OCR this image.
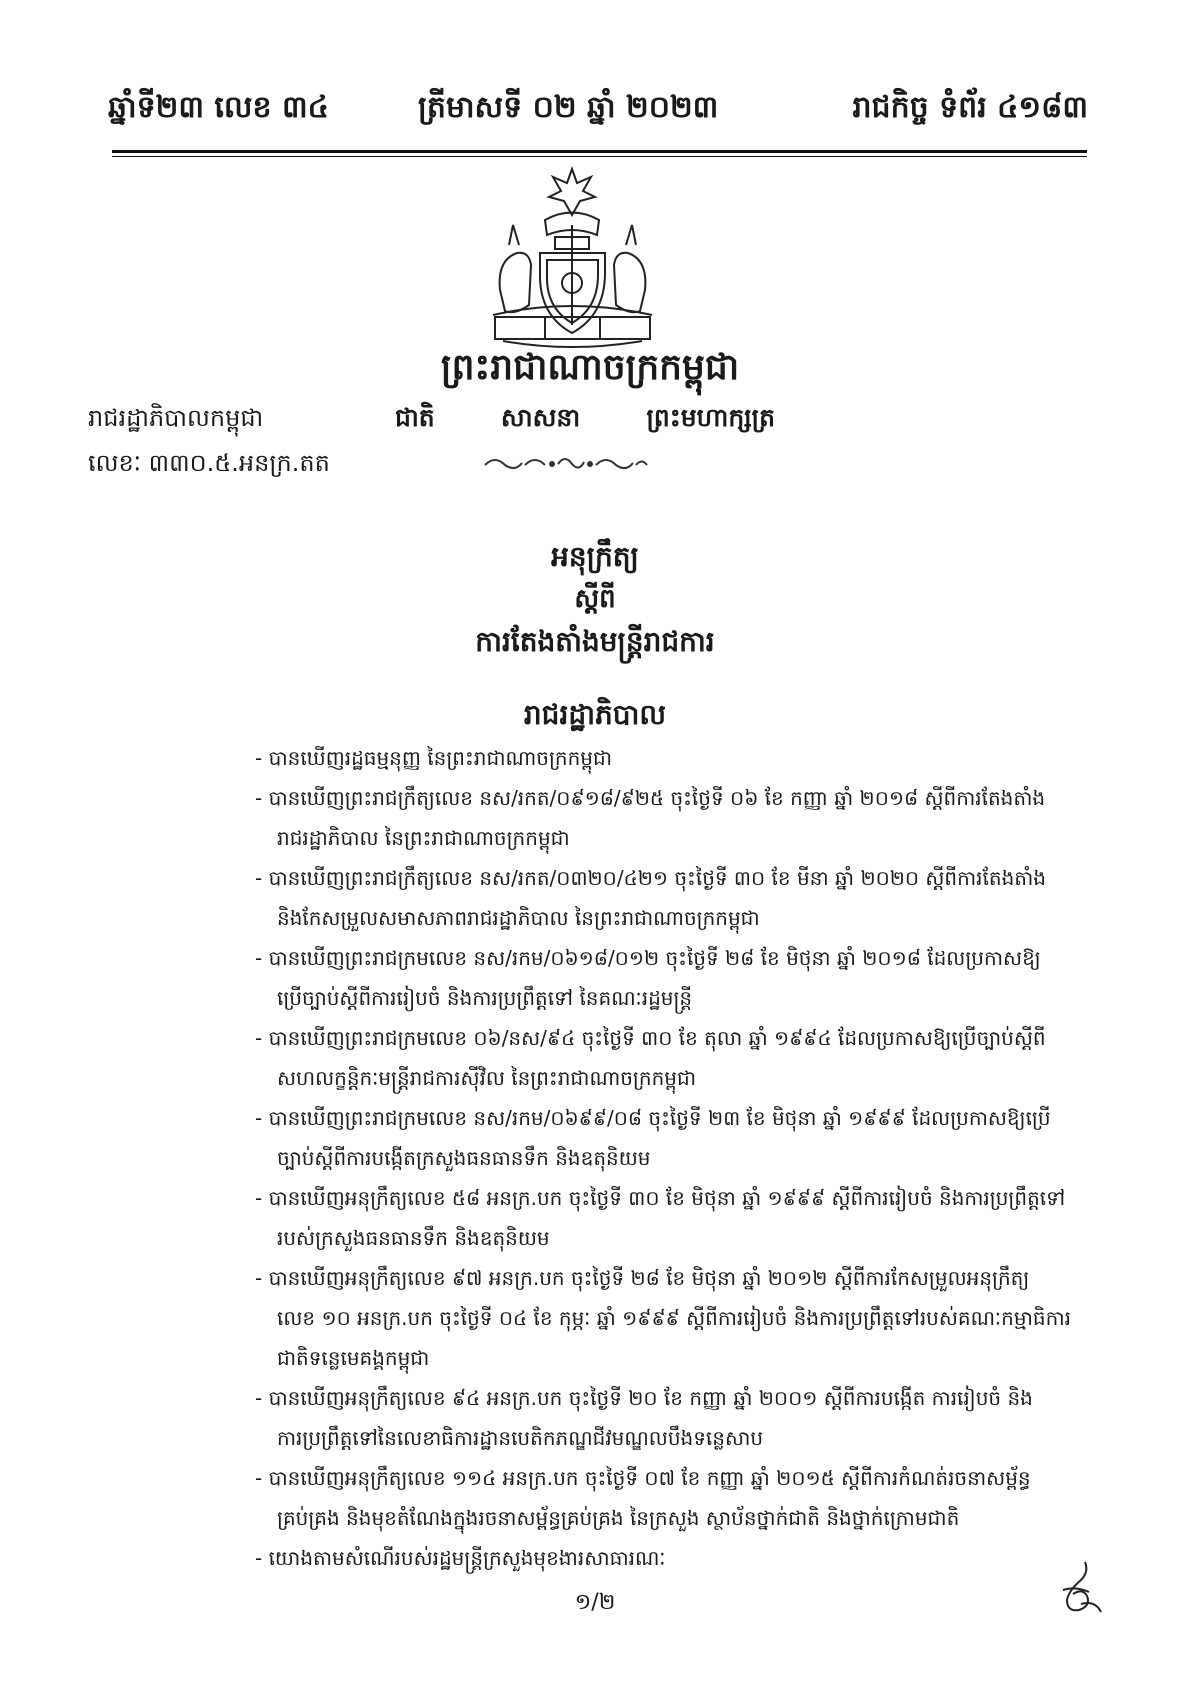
ឆ្នាំទី២៣ លេខ ៣៤	ត្រីមាសទី ០២ ឆ្នាំ ២០២៣	រាជកិច្ច ទំព័រ ៤១៨៣
ព្រះរាជាណាចក្រកម្ពុជា
រាជរដ្ឋាភិបាលកម្ពុជា	ជាតិ	សាសនា	ព្រះមហាក្សត្រ
លេខៈ ៣៣០.៥.អនក្រ.តត
អនុក្រឹត្យ
ស្តីពី
ការតែងតាំងមន្ត្រីរាជការ
រាជរដ្ឋាភិបាល
- បានឃើញរដ្ឋធម្មនុញ្ញ នៃព្រះរាជាណាចក្រកម្ពុជា
- បានឃើញព្រះរាជក្រឹត្យលេខ នស/រកត/០៩១៨/៩២៥ ចុះថ្ងៃទី ០៦ ខែ កញ្ញា ឆ្នាំ ២០១៨ ស្តីពីការតែងតាំង
រាជរដ្ឋាភិបាល នៃព្រះរាជាណាចក្រកម្ពុជា
- បានឃើញព្រះរាជក្រឹត្យលេខ នស/រកត/០៣២០/៤២១ ចុះថ្ងៃទី ៣០ ខែ មីនា ឆ្នាំ ២០២០ ស្តីពីការតែងតាំង
និងកែសម្រួលសមាសភាពរាជរដ្ឋាភិបាល នៃព្រះរាជាណាចក្រកម្ពុជា
- បានឃើញព្រះរាជក្រមលេខ នស/រកម/០៦១៨/០១២ ចុះថ្ងៃទី ២៨ ខែ មិថុនា ឆ្នាំ ២០១៨ ដែលប្រកាសឱ្យ
ប្រើច្បាប់ស្តីពីការរៀបចំ និងការប្រព្រឹត្តទៅ នៃគណៈរដ្ឋមន្ត្រី
- បានឃើញព្រះរាជក្រមលេខ ០៦/នស/៩៤ ចុះថ្ងៃទី ៣០ ខែ តុលា ឆ្នាំ ១៩៩៤ ដែលប្រកាសឱ្យប្រើច្បាប់ស្តីពី
សហលក្ខន្តិកៈមន្ត្រីរាជការស៊ីវិល នៃព្រះរាជាណាចក្រកម្ពុជា
- បានឃើញព្រះរាជក្រមលេខ នស/រកម/០៦៩៩/០៨ ចុះថ្ងៃទី ២៣ ខែ មិថុនា ឆ្នាំ ១៩៩៩ ដែលប្រកាសឱ្យប្រើ
ច្បាប់ស្តីពីការបង្កើតក្រសួងធនធានទឹក និងឧតុនិយម
- បានឃើញអនុក្រឹត្យលេខ ៥៨ អនក្រ.បក ចុះថ្ងៃទី ៣០ ខែ មិថុនា ឆ្នាំ ១៩៩៩ ស្តីពីការរៀបចំ និងការប្រព្រឹត្តទៅ
របស់ក្រសួងធនធានទឹក និងឧតុនិយម
- បានឃើញអនុក្រឹត្យលេខ ៩៧ អនក្រ.បក ចុះថ្ងៃទី ២៨ ខែ មិថុនា ឆ្នាំ ២០១២ ស្តីពីការកែសម្រួលអនុក្រឹត្យ
លេខ ១០ អនក្រ.បក ចុះថ្ងៃទី ០៤ ខែ កុម្ភៈ ឆ្នាំ ១៩៩៩ ស្តីពីការរៀបចំ និងការប្រព្រឹត្តទៅរបស់គណៈកម្មាធិការ
ជាតិទន្លេមេគង្គកម្ពុជា
- បានឃើញអនុក្រឹត្យលេខ ៩៤ អនក្រ.បក ចុះថ្ងៃទី ២០ ខែ កញ្ញា ឆ្នាំ ២០០១ ស្តីពីការបង្កើត ការរៀបចំ និង
ការប្រព្រឹត្តទៅនៃលេខាធិការដ្ឋានបេតិកភណ្ឌជីវមណ្ឌលបឹងទន្លេសាប
- បានឃើញអនុក្រឹត្យលេខ ១១៤ អនក្រ.បក ចុះថ្ងៃទី ០៧ ខែ កញ្ញា ឆ្នាំ ២០១៥ ស្តីពីការកំណត់រចនាសម្ព័ន្ធ
គ្រប់គ្រង និងមុខតំណែងក្នុងរចនាសម្ព័ន្ធគ្រប់គ្រង នៃក្រសួង ស្ថាប័នថ្នាក់ជាតិ និងថ្នាក់ក្រោមជាតិ
- យោងតាមសំណើរបស់រដ្ឋមន្ត្រីក្រសួងមុខងារសាធារណៈ
១/២
